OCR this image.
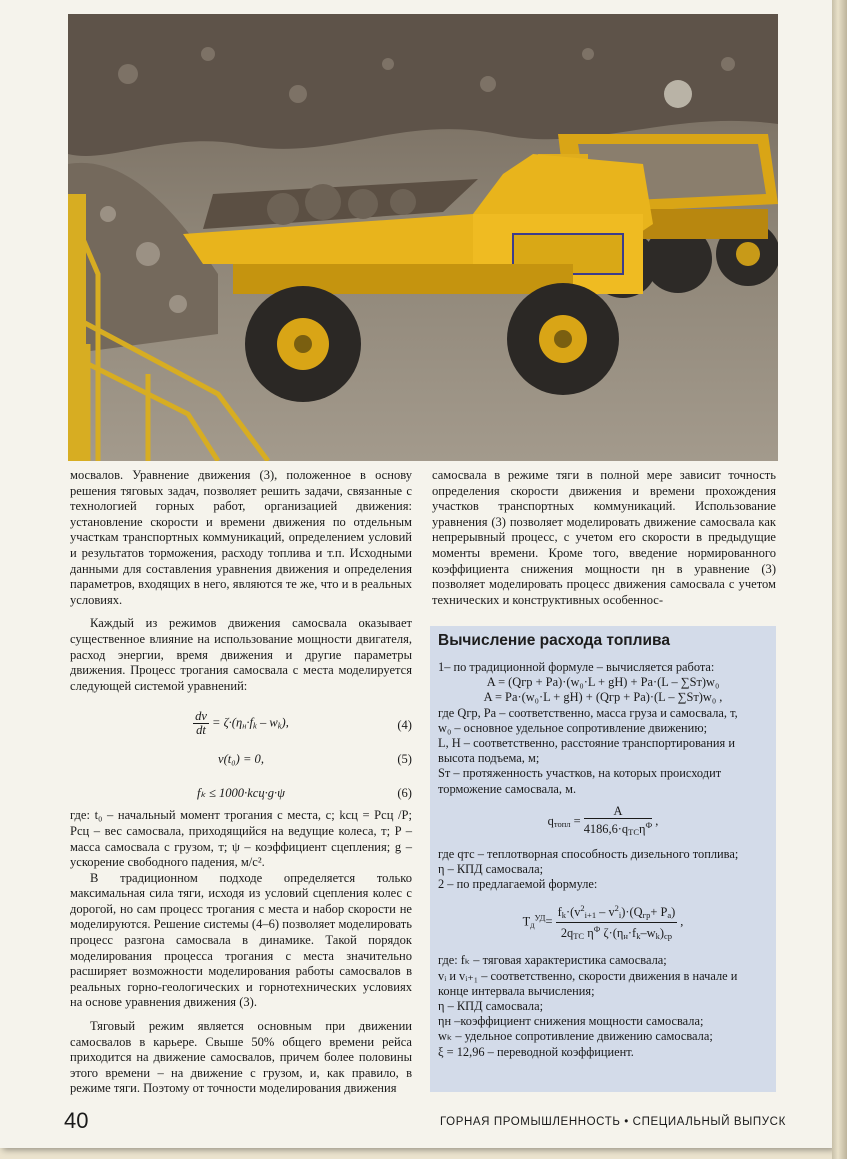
мосвалов. Уравнение движения (3), положенное в основу решения тяговых задач, позволяет решить задачи, связанные с технологией горных работ, организацией движения: установление скорости и времени движения по отдельным участкам транспортных коммуникаций, определением условий и результатов торможения, расходу топлива и т.п. Исходными данными для составления уравнения движения и определения параметров, входящих в него, являются те же, что и в реальных условиях.

Каждый из режимов движения самосвала оказывает существенное влияние на использование мощности двигателя, расход энергии, время движения и другие параметры движения. Процесс трогания самосвала с места моделируется следующей системой уравнений:

$\frac{dv}{dt} = \zeta\cdot(\eta_н\cdot f_k - w_k)$,	(4)
v(t₀) = 0,	(5)
fₖ ≤ 1000·kсц·g·ψ	(6)

где: t₀ – начальный момент трогания с места, с; kсц = Pсц /P; Pсц – вес самосвала, приходящийся на ведущие колеса, т; P – масса самосвала с грузом, т; ψ – коэффициент сцепления; g – ускорение свободного падения, м/с².

В традиционном подходе определяется только максимальная сила тяги, исходя из условий сцепления колес с дорогой, но сам процесс трогания с места и набор скорости не моделируются. Решение системы (4–6) позволяет моделировать процесс разгона самосвала в динамике. Такой порядок моделирования процесса трогания с места значительно расширяет возможности моделирования работы самосвалов в реальных горно-геологических и горнотехнических условиях на основе уравнения движения (3).

Тяговый режим является основным при движении самосвалов в карьере. Свыше 50% общего времени рейса приходится на движение самосвалов, причем более половины этого времени – на движение с грузом, и, как правило, в режиме тяги. Поэтому от точности моделирования движения

самосвала в режиме тяги в полной мере зависит точность определения скорости движения и времени прохождения участков транспортных коммуникаций. Использование уравнения (3) позволяет моделировать движение самосвала как непрерывный процесс, с учетом его скорости в предыдущие моменты времени. Кроме того, введение нормированного коэффициента снижения мощности ηн в уравнение (3) позволяет моделировать процесс движения самосвала с учетом технических и конструктивных особеннос-

Вычисление расхода топлива

1– по традиционной формуле – вычисляется работа:

A = (Qгр + Pа)·(w₀·L + gH) + Pа·(L – ∑Sт)w₀

A = Pа·(w₀·L + gH) + (Qгр + Pа)·(L – ∑Sт)w₀ ,

где Qгр, Pа – соответственно, масса груза и самосвала, т,

w₀ – основное удельное сопротивление движению;

L, H – соответственно, расстояние транспортирования и высота подъема, м;

Sт – протяженность участков, на которых происходит торможение самосвала, м.

$q_{топл} = \frac{A}{4186,6\cdot q_{ТС}\eta^Ф}$ ,

где qтс – теплотворная способность дизельного топлива;

η – КПД самосвала;

2 – по предлагаемой формуле:

$T_д^{УД}= \frac{f_k\cdot(v^2_{i+1} - v^2_i)\cdot(Q_{гр}+ P_а)}{2q_{ТС} \eta^Ф \zeta\cdot(\eta_н\cdot f_k-w_k)_{ср}}$ ,

где: fₖ – тяговая характеристика самосвала;

vᵢ и vᵢ₊₁ – соответственно, скорости движения в начале и конце интервала вычисления;

η – КПД самосвала;

ηн –коэффициент снижения мощности самосвала;

wₖ – удельное сопротивление движению самосвала;

ξ = 12,96 – переводной коэффициент.

40	ГОРНАЯ ПРОМЫШЛЕННОСТЬ • СПЕЦИАЛЬНЫЙ ВЫПУСК
